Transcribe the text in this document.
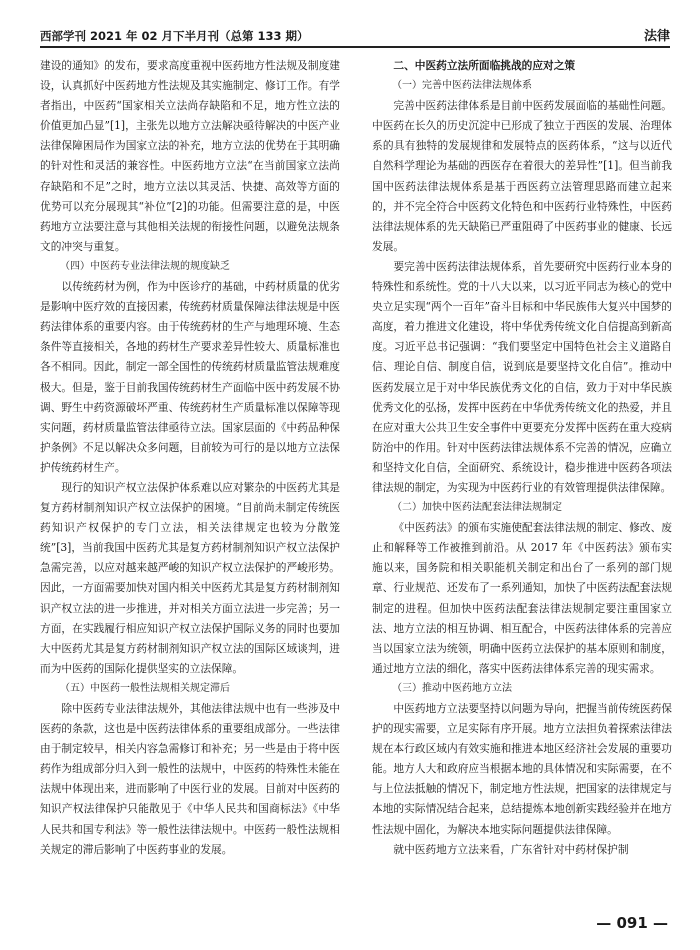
西部学刊 2021 年 02 月下半月刊（总第 133 期）	法律

建设的通知》的发布，要求高度重视中医药地方性法规及制度建设，认真抓好中医药地方性法规及其实施制定、修订工作。有学者指出，中医药“国家相关立法尚存缺陷和不足，地方性立法的价值更加凸显”[1]，主张先以地方立法解决亟待解决的中医产业法律保障困局作为国家立法的补充，地方立法的优势在于其明确的针对性和灵活的兼容性。中医药地方立法“在当前国家立法尚存缺陷和不足”之时，地方立法以其灵活、快捷、高效等方面的优势可以充分展现其“补位”[2]的功能。但需要注意的是，中医药地方立法要注意与其他相关法规的衔接性问题，以避免法规条文的冲突与重复。

（四）中医药专业法律法规的规度缺乏

以传统药材为例，作为中医诊疗的基础，中药材质量的优劣是影响中医疗效的直接因素，传统药材质量保障法律法规是中医药法律体系的重要内容。由于传统药材的生产与地理环境、生态条件等直接相关，各地的药材生产要求差异性较大、质量标准也各不相同。因此，制定一部全国性的传统药材质量监管法规难度极大。但是，鉴于目前我国传统药材生产面临中医中药发展不协调、野生中药资源破坏严重、传统药材生产质量标准以保障等现实问题，药材质量监管法律亟待立法。国家层面的《中药品种保护条例》不足以解决众多问题，目前较为可行的是以地方立法保护传统药材生产。

现行的知识产权立法保护体系难以应对繁杂的中医药尤其是复方药材制剂知识产权立法保护的困境。“目前尚未制定传统医药知识产权保护的专门立法，相关法律规定也较为分散笼统”[3]，当前我国中医药尤其是复方药材制剂知识产权立法保护急需完善，以应对越来越严峻的知识产权立法保护的严峻形势。因此，一方面需要加快对国内相关中医药尤其是复方药材制剂知识产权立法的进一步推进，并对相关方面立法进一步完善；另一方面，在实践履行相应知识产权立法保护国际义务的同时也要加大中医药尤其是复方药材制剂知识产权立法的国际区域谈判，进而为中医药的国际化提供坚实的立法保障。

（五）中医药一般性法规相关规定滞后

除中医药专业法律法规外，其他法律法规中也有一些涉及中医药的条款，这也是中医药法律体系的重要组成部分。一些法律由于制定较早，相关内容急需修订和补充；另一些是由于将中医药作为组成部分归入到一般性的法规中，中医药的特殊性未能在法规中体现出来，进而影响了中医行业的发展。目前对中医药的知识产权法律保护只能散见于《中华人民共和国商标法》《中华人民共和国专利法》等一般性法律法规中。中医药一般性法规相关规定的滞后影响了中医药事业的发展。

二、中医药立法所面临挑战的应对之策

（一）完善中医药法律法规体系

完善中医药法律体系是目前中医药发展面临的基础性问题。中医药在长久的历史沉淀中已形成了独立于西医的发展、治理体系的具有独特的发展规律和发展特点的医药体系，“这与以近代自然科学理论为基础的西医存在着很大的差异性”[1]。但当前我国中医药法律法规体系是基于西医药立法管理思路而建立起来的，并不完全符合中医药文化特色和中医药行业特殊性，中医药法律法规体系的先天缺陷已严重阻碍了中医药事业的健康、长远发展。

要完善中医药法律法规体系，首先要研究中医药行业本身的特殊性和系统性。党的十八大以来，以习近平同志为核心的党中央立足实现“两个一百年”奋斗目标和中华民族伟大复兴中国梦的高度，着力推进文化建设，将中华优秀传统文化自信提高到新高度。习近平总书记强调：“我们要坚定中国特色社会主义道路自信、理论自信、制度自信，说到底是要坚持文化自信”。推动中医药发展立足于对中华民族优秀文化的自信，致力于对中华民族优秀文化的弘扬，发挥中医药在中华优秀传统文化的热爱，并且在应对重大公共卫生安全事件中更要充分发挥中医药在重大疫病防治中的作用。针对中医药法律法规体系不完善的情况，应确立和坚持文化自信，全面研究、系统设计，稳步推进中医药各项法律法规的制定，为实现为中医药行业的有效管理提供法律保障。

（二）加快中医药法配套法律法规制定

《中医药法》的颁布实施使配套法律法规的制定、修改、废止和解释等工作被推到前沿。从 2017 年《中医药法》颁布实施以来，国务院和相关职能机关制定和出台了一系列的部门规章、行业规范、还发布了一系列通知，加快了中医药法配套法规制定的进程。但加快中医药法配套法律法规制定要注重国家立法、地方立法的相互协调、相互配合，中医药法律体系的完善应当以国家立法为统领，明确中医药立法保护的基本原则和制度，通过地方立法的细化，落实中医药法律体系完善的现实需求。

（三）推动中医药地方立法

中医药地方立法要坚持以问题为导向，把握当前传统医药保护的现实需要，立足实际有序开展。地方立法担负着探索法律法规在本行政区域内有效实施和推进本地区经济社会发展的重要功能。地方人大和政府应当根据本地的具体情况和实际需要，在不与上位法抵触的情况下，制定地方性法规，把国家的法律规定与本地的实际情况结合起来，总结提炼本地创新实践经验并在地方性法规中固化，为解决本地实际问题提供法律保障。

就中医药地方立法来看，广东省针对中药材保护制

— 091 —
